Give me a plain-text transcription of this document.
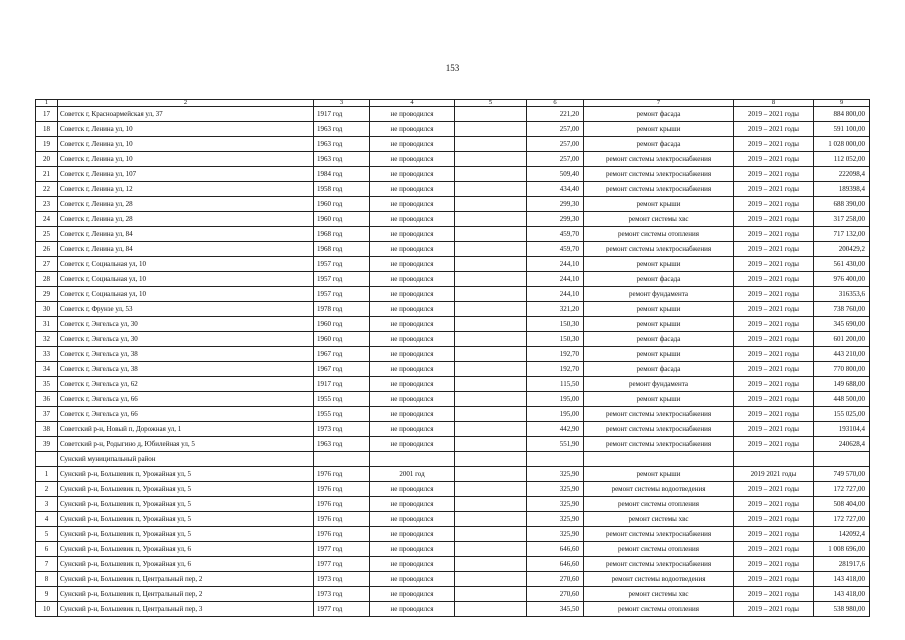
153
1	2	3	4	5	6	7	8	9
17	Советск г, Красноармейская ул, 37	1917 год	не проводился		221,20	ремонт фасада	2019 – 2021 годы	884 800,00
18	Советск г, Ленина ул, 10	1963 год	не проводился		257,00	ремонт крыши	2019 – 2021 годы	591 100,00
19	Советск г, Ленина ул, 10	1963 год	не проводился		257,00	ремонт фасада	2019 – 2021 годы	1 028 000,00
20	Советск г, Ленина ул, 10	1963 год	не проводился		257,00	ремонт системы электроснабжения	2019 – 2021 годы	112 052,00
21	Советск г, Ленина ул, 107	1984 год	не проводился		509,40	ремонт системы электроснабжения	2019 – 2021 годы	222098,4
22	Советск г, Ленина ул, 12	1958 год	не проводился		434,40	ремонт системы электроснабжения	2019 – 2021 годы	189398,4
23	Советск г, Ленина ул, 28	1960 год	не проводился		299,30	ремонт крыши	2019 – 2021 годы	688 390,00
24	Советск г, Ленина ул, 28	1960 год	не проводился		299,30	ремонт системы хвс	2019 – 2021 годы	317 258,00
25	Советск г, Ленина ул, 84	1968 год	не проводился		459,70	ремонт системы отопления	2019 – 2021 годы	717 132,00
26	Советск г, Ленина ул, 84	1968 год	не проводился		459,70	ремонт системы электроснабжения	2019 – 2021 годы	200429,2
27	Советск г, Социальная ул, 10	1957 год	не проводился		244,10	ремонт крыши	2019 – 2021 годы	561 430,00
28	Советск г, Социальная ул, 10	1957 год	не проводился		244,10	ремонт фасада	2019 – 2021 годы	976 400,00
29	Советск г, Социальная ул, 10	1957 год	не проводился		244,10	ремонт фундамента	2019 – 2021 годы	316353,6
30	Советск г, Фрунзе ул, 53	1978 год	не проводился		321,20	ремонт крыши	2019 – 2021 годы	738 760,00
31	Советск г, Энгельса ул, 30	1960 год	не проводился		150,30	ремонт крыши	2019 – 2021 годы	345 690,00
32	Советск г, Энгельса ул, 30	1960 год	не проводился		150,30	ремонт фасада	2019 – 2021 годы	601 200,00
33	Советск г, Энгельса ул, 38	1967 год	не проводился		192,70	ремонт крыши	2019 – 2021 годы	443 210,00
34	Советск г, Энгельса ул, 38	1967 год	не проводился		192,70	ремонт фасада	2019 – 2021 годы	770 800,00
35	Советск г, Энгельса ул, 62	1917 год	не проводился		115,50	ремонт фундамента	2019 – 2021 годы	149 688,00
36	Советск г, Энгельса ул, 66	1955 год	не проводился		195,00	ремонт крыши	2019 – 2021 годы	448 500,00
37	Советск г, Энгельса ул, 66	1955 год	не проводился		195,00	ремонт системы электроснабжения	2019 – 2021 годы	155 025,00
38	Советский р-н, Новый п, Дорожная ул, 1	1973 год	не проводился		442,90	ремонт системы электроснабжения	2019 – 2021 годы	193104,4
39	Советский р-н, Родыгино д, Юбилейная ул, 5	1963 год	не проводился		551,90	ремонт системы электроснабжения	2019 – 2021 годы	240628,4
	Сунский муниципальный район							
1	Сунский р-н, Большевик п, Урожайная ул, 5	1976 год	2001 год		325,90	ремонт крыши	2019 2021 годы	749 570,00
2	Сунский р-н, Большевик п, Урожайная ул, 5	1976 год	не проводился		325,90	ремонт системы водоотведения	2019 – 2021 годы	172 727,00
3	Сунский р-н, Большевик п, Урожайная ул, 5	1976 год	не проводился		325,90	ремонт системы отопления	2019 – 2021 годы	508 404,00
4	Сунский р-н, Большевик п, Урожайная ул, 5	1976 год	не проводился		325,90	ремонт системы хвс	2019 – 2021 годы	172 727,00
5	Сунский р-н, Большевик п, Урожайная ул, 5	1976 год	не проводился		325,90	ремонт системы электроснабжения	2019 – 2021 годы	142092,4
6	Сунский р-н, Большевик п, Урожайная ул, 6	1977 год	не проводился		646,60	ремонт системы отопления	2019 – 2021 годы	1 008 696,00
7	Сунский р-н, Большевик п, Урожайная ул, 6	1977 год	не проводился		646,60	ремонт системы электроснабжения	2019 – 2021 годы	281917,6
8	Сунский р-н, Большевик п, Центральный пер, 2	1973 год	не проводился		270,60	ремонт системы водоотведения	2019 – 2021 годы	143 418,00
9	Сунский р-н, Большевик п, Центральный пер, 2	1973 год	не проводился		270,60	ремонт системы хвс	2019 – 2021 годы	143 418,00
10	Сунский р-н, Большевик п, Центральный пер, 3	1977 год	не проводился		345,50	ремонт системы отопления	2019 – 2021 годы	538 980,00
